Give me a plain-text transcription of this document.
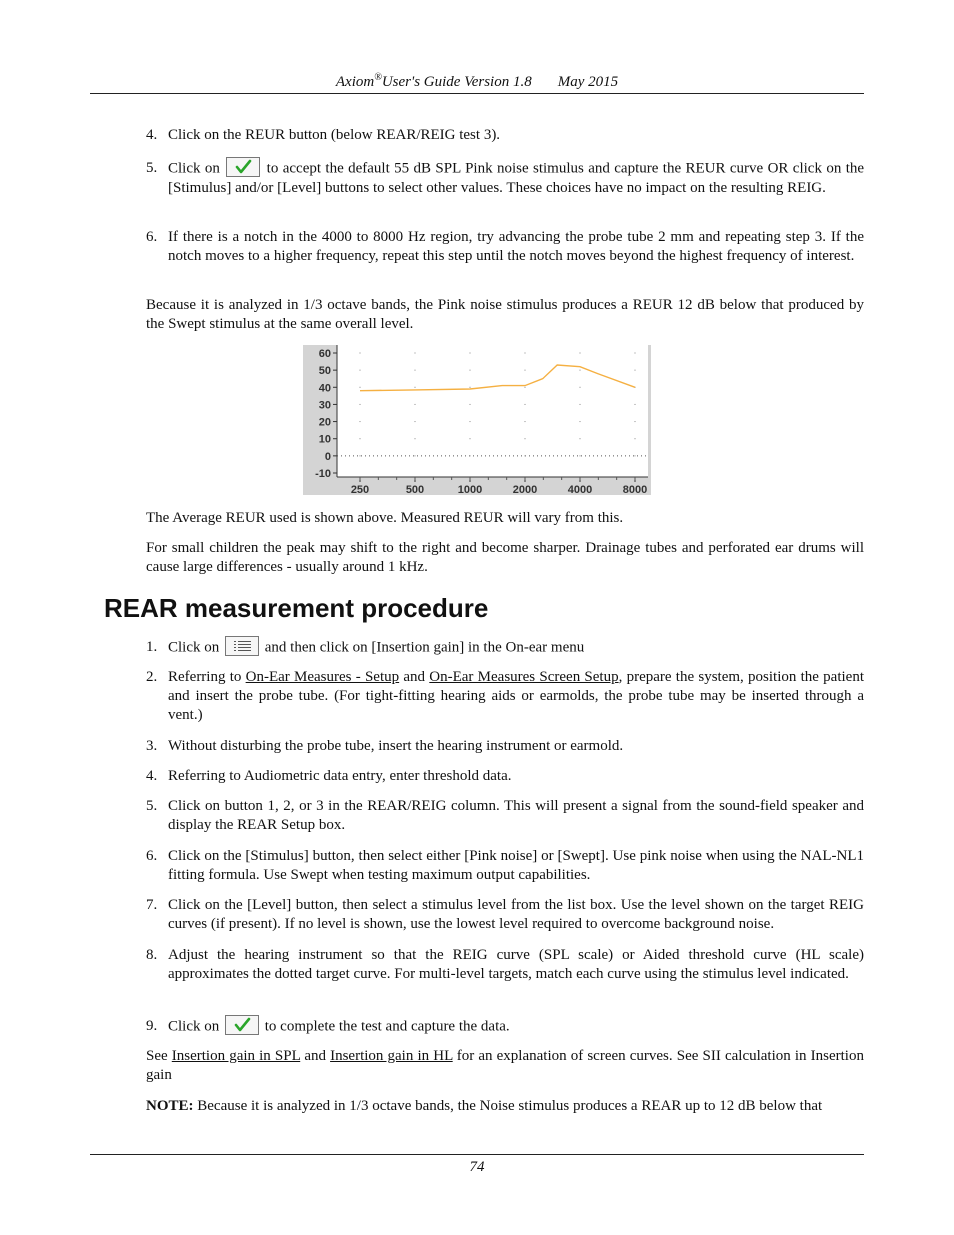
Axiom®User's Guide Version 1.8 May 2015
4. Click on the REUR button (below REAR/REIG test 3).
5. Click on	to accept the default 55 dB SPL Pink noise stimulus and capture the REUR curve OR click on the [Stimulus] and/or [Level] buttons to select other values. These choices have no impact on the resulting REIG.
6. If there is a notch in the 4000 to 8000 Hz region, try advancing the probe tube 2 mm and repeating step 3. If the notch moves to a higher frequency, repeat this step until the notch moves beyond the highest frequency of interest.
Because it is analyzed in 1/3 octave bands, the Pink noise stimulus produces a REUR 12 dB below that produced by the Swept stimulus at the same overall level.
60
50
40
30
20
10
0
-10
250	500	1000	2000	4000	8000
The Average REUR used is shown above. Measured REUR will vary from this.
For small children the peak may shift to the right and become sharper. Drainage tubes and perforated ear drums will cause large differences - usually around 1 kHz.
REAR measurement procedure
1. Click on	and then click on [Insertion gain] in the On-ear menu
2. Referring to On-Ear Measures - Setup and On-Ear Measures Screen Setup, prepare the system, position the patient and insert the probe tube. (For tight-fitting hearing aids or earmolds, the probe tube may be inserted through a vent.)
3. Without disturbing the probe tube, insert the hearing instrument or earmold.
4. Referring to Audiometric data entry, enter threshold data.
5. Click on button 1, 2, or 3 in the REAR/REIG column. This will present a signal from the sound-field speaker and display the REAR Setup box.
6. Click on the [Stimulus] button, then select either [Pink noise] or [Swept]. Use pink noise when using the NAL-NL1 fitting formula. Use Swept when testing maximum output capabilities.
7. Click on the [Level] button, then select a stimulus level from the list box. Use the level shown on the target REIG curves (if present). If no level is shown, use the lowest level required to overcome background noise.
8. Adjust the hearing instrument so that the REIG curve (SPL scale) or Aided threshold curve (HL scale) approximates the dotted target curve. For multi-level targets, match each curve using the stimulus level indicated.
9. Click on	to complete the test and capture the data.
See Insertion gain in SPL and Insertion gain in HL for an explanation of screen curves. See SII calculation in Insertion gain
NOTE: Because it is analyzed in 1/3 octave bands, the Noise stimulus produces a REAR up to 12 dB below that
74
